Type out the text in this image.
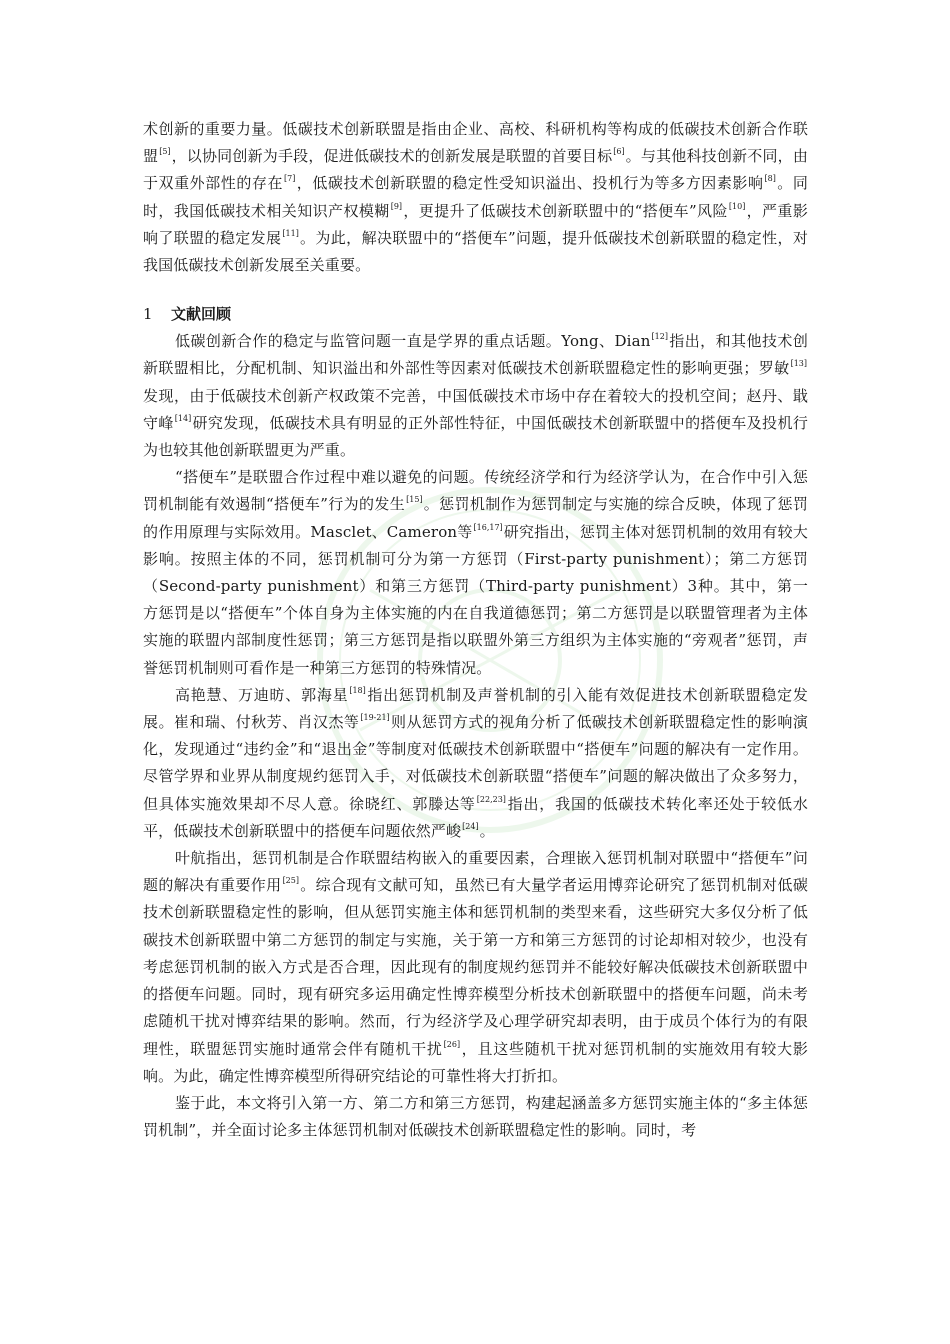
术创新的重要力量。低碳技术创新联盟是指由企业、高校、科研机构等构成的低碳技术创新合作联盟[5]，以协同创新为手段，促进低碳技术的创新发展是联盟的首要目标[6]。与其他科技创新不同，由于双重外部性的存在[7]，低碳技术创新联盟的稳定性受知识溢出、投机行为等多方因素影响[8]。同时，我国低碳技术相关知识产权模糊[9]，更提升了低碳技术创新联盟中的“搭便车”风险[10]，严重影响了联盟的稳定发展[11]。为此，解决联盟中的“搭便车”问题，提升低碳技术创新联盟的稳定性，对我国低碳技术创新发展至关重要。

1 文献回顾

低碳创新合作的稳定与监管问题一直是学界的重点话题。Yong、Dian[12]指出，和其他技术创新联盟相比，分配机制、知识溢出和外部性等因素对低碳技术创新联盟稳定性的影响更强；罗敏[13]发现，由于低碳技术创新产权政策不完善，中国低碳技术市场中存在着较大的投机空间；赵丹、戢守峰[14]研究发现，低碳技术具有明显的正外部性特征，中国低碳技术创新联盟中的搭便车及投机行为也较其他创新联盟更为严重。

“搭便车”是联盟合作过程中难以避免的问题。传统经济学和行为经济学认为，在合作中引入惩罚机制能有效遏制“搭便车”行为的发生[15]。惩罚机制作为惩罚制定与实施的综合反映，体现了惩罚的作用原理与实际效用。Masclet、Cameron等[16,17]研究指出，惩罚主体对惩罚机制的效用有较大影响。按照主体的不同，惩罚机制可分为第一方惩罚（First-party punishment）；第二方惩罚（Second-party punishment）和第三方惩罚（Third-party punishment）3种。其中，第一方惩罚是以“搭便车”个体自身为主体实施的内在自我道德惩罚；第二方惩罚是以联盟管理者为主体实施的联盟内部制度性惩罚；第三方惩罚是指以联盟外第三方组织为主体实施的“旁观者”惩罚，声誉惩罚机制则可看作是一种第三方惩罚的特殊情况。

高艳慧、万迪昉、郭海星[18]指出惩罚机制及声誉机制的引入能有效促进技术创新联盟稳定发展。崔和瑞、付秋芳、肖汉杰等[19-21]则从惩罚方式的视角分析了低碳技术创新联盟稳定性的影响演化，发现通过“违约金”和“退出金”等制度对低碳技术创新联盟中“搭便车”问题的解决有一定作用。尽管学界和业界从制度规约惩罚入手，对低碳技术创新联盟“搭便车”问题的解决做出了众多努力，但具体实施效果却不尽人意。徐晓红、郭滕达等[22,23]指出，我国的低碳技术转化率还处于较低水平，低碳技术创新联盟中的搭便车问题依然严峻[24]。

叶航指出，惩罚机制是合作联盟结构嵌入的重要因素，合理嵌入惩罚机制对联盟中“搭便车”问题的解决有重要作用[25]。综合现有文献可知，虽然已有大量学者运用博弈论研究了惩罚机制对低碳技术创新联盟稳定性的影响，但从惩罚实施主体和惩罚机制的类型来看，这些研究大多仅分析了低碳技术创新联盟中第二方惩罚的制定与实施，关于第一方和第三方惩罚的讨论却相对较少，也没有考虑惩罚机制的嵌入方式是否合理，因此现有的制度规约惩罚并不能较好解决低碳技术创新联盟中的搭便车问题。同时，现有研究多运用确定性博弈模型分析技术创新联盟中的搭便车问题，尚未考虑随机干扰对博弈结果的影响。然而，行为经济学及心理学研究却表明，由于成员个体行为的有限理性，联盟惩罚实施时通常会伴有随机干扰[26]，且这些随机干扰对惩罚机制的实施效用有较大影响。为此，确定性博弈模型所得研究结论的可靠性将大打折扣。

鉴于此，本文将引入第一方、第二方和第三方惩罚，构建起涵盖多方惩罚实施主体的“多主体惩罚机制”，并全面讨论多主体惩罚机制对低碳技术创新联盟稳定性的影响。同时，考
